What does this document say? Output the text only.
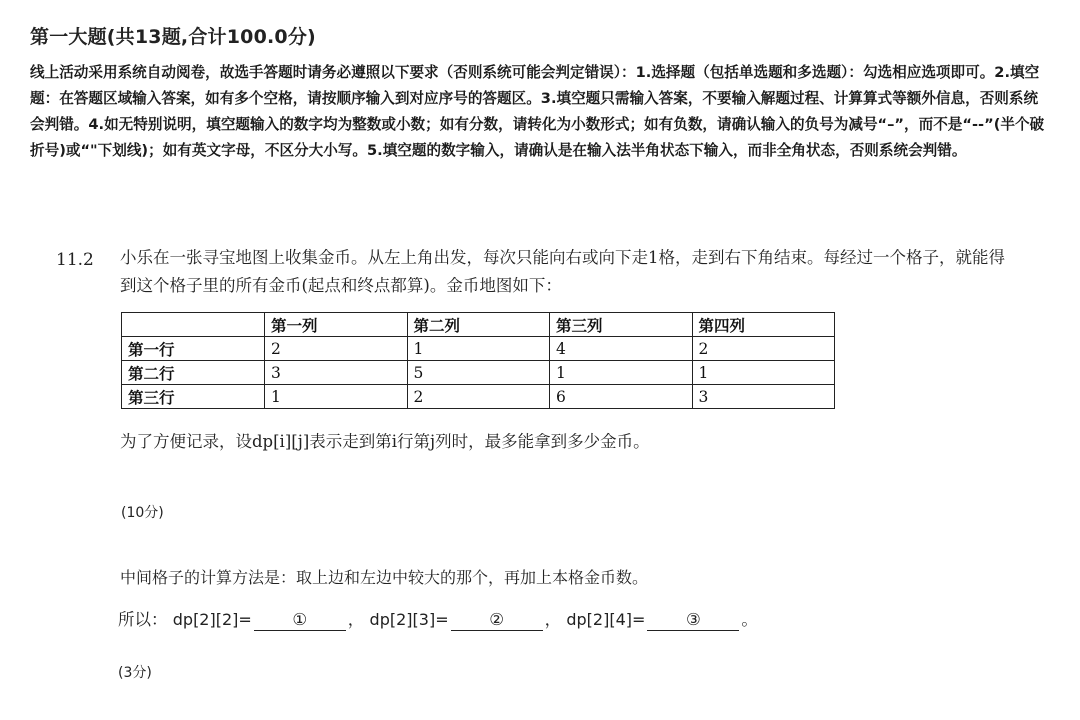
第一大题(共13题,合计100.0分)
线上活动采用系统自动阅卷，故选手答题时请务必遵照以下要求（否则系统可能会判定错误）：1.选择题（包括单选题和多选题）：勾选相应选项即可。2.填空题：在答题区域输入答案，如有多个空格，请按顺序输入到对应序号的答题区。3.填空题只需输入答案，不要输入解题过程、计算算式等额外信息，否则系统会判错。4.如无特别说明，填空题输入的数字均为整数或小数；如有分数，请转化为小数形式；如有负数，请确认输入的负号为减号“–”，而不是“--”(半个破折号)或“"下划线)；如有英文字母，不区分大小写。5.填空题的数字输入，请确认是在输入法半角状态下输入，而非全角状态，否则系统会判错。
11.2 小乐在一张寻宝地图上收集金币。从左上角出发，每次只能向右或向下走1格，走到右下角结束。每经过一个格子，就能得到这个格子里的所有金币(起点和终点都算)。金币地图如下：
	第一列	第二列	第三列	第四列
第一行	2	1	4	2
第二行	3	5	1	1
第三行	1	2	6	3
为了方便记录，设dp[i][j]表示走到第i行第j列时，最多能拿到多少金币。
(10分)
中间格子的计算方法是：取上边和左边中较大的那个，再加上本格金币数。
所以： dp[2][2]= ① ， dp[2][3]= ② ， dp[2][4]= ③ 。
(3分)
